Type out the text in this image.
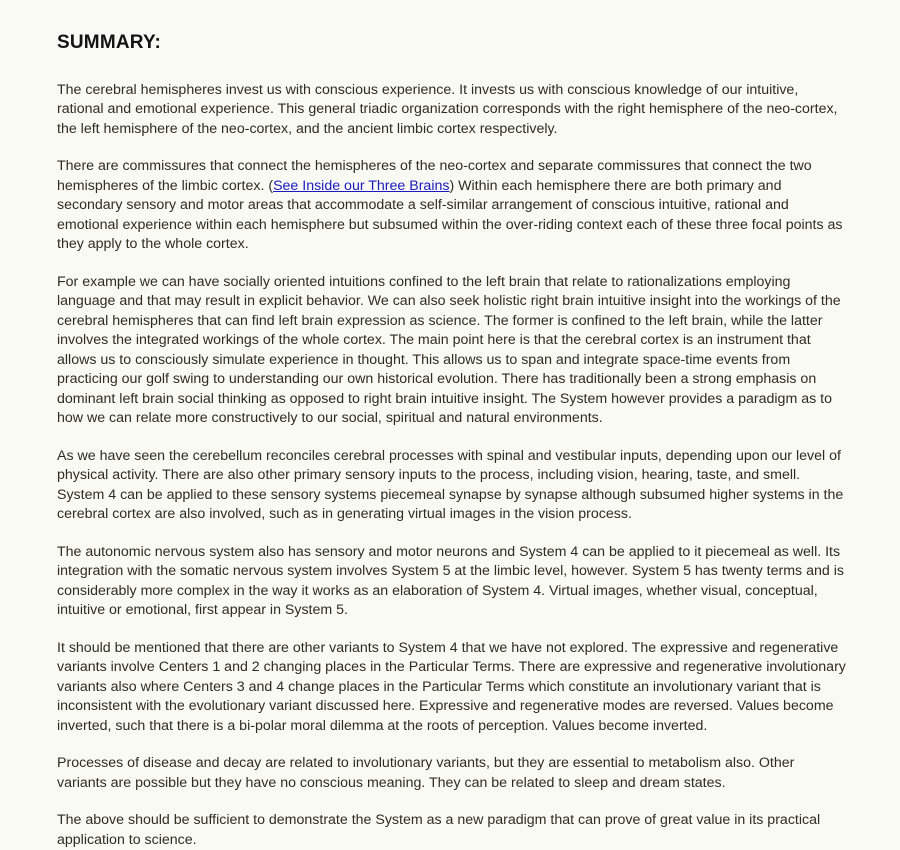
SUMMARY:

The cerebral hemispheres invest us with conscious experience. It invests us with conscious knowledge of our intuitive, rational and emotional experience. This general triadic organization corresponds with the right hemisphere of the neo-cortex, the left hemisphere of the neo-cortex, and the ancient limbic cortex respectively.

There are commissures that connect the hemispheres of the neo-cortex and separate commissures that connect the two hemispheres of the limbic cortex. (See Inside our Three Brains) Within each hemisphere there are both primary and secondary sensory and motor areas that accommodate a self-similar arrangement of conscious intuitive, rational and emotional experience within each hemisphere but subsumed within the over-riding context each of these three focal points as they apply to the whole cortex.

For example we can have socially oriented intuitions confined to the left brain that relate to rationalizations employing language and that may result in explicit behavior. We can also seek holistic right brain intuitive insight into the workings of the cerebral hemispheres that can find left brain expression as science. The former is confined to the left brain, while the latter involves the integrated workings of the whole cortex. The main point here is that the cerebral cortex is an instrument that allows us to consciously simulate experience in thought. This allows us to span and integrate space-time events from practicing our golf swing to understanding our own historical evolution. There has traditionally been a strong emphasis on dominant left brain social thinking as opposed to right brain intuitive insight. The System however provides a paradigm as to how we can relate more constructively to our social, spiritual and natural environments.

As we have seen the cerebellum reconciles cerebral processes with spinal and vestibular inputs, depending upon our level of physical activity. There are also other primary sensory inputs to the process, including vision, hearing, taste, and smell. System 4 can be applied to these sensory systems piecemeal synapse by synapse although subsumed higher systems in the cerebral cortex are also involved, such as in generating virtual images in the vision process.

The autonomic nervous system also has sensory and motor neurons and System 4 can be applied to it piecemeal as well. Its integration with the somatic nervous system involves System 5 at the limbic level, however. System 5 has twenty terms and is considerably more complex in the way it works as an elaboration of System 4. Virtual images, whether visual, conceptual, intuitive or emotional, first appear in System 5.

It should be mentioned that there are other variants to System 4 that we have not explored. The expressive and regenerative variants involve Centers 1 and 2 changing places in the Particular Terms. There are expressive and regenerative involutionary variants also where Centers 3 and 4 change places in the Particular Terms which constitute an involutionary variant that is inconsistent with the evolutionary variant discussed here. Expressive and regenerative modes are reversed. Values become inverted, such that there is a bi-polar moral dilemma at the roots of perception. Values become inverted.

Processes of disease and decay are related to involutionary variants, but they are essential to metabolism also. Other variants are possible but they have no conscious meaning. They can be related to sleep and dream states.

The above should be sufficient to demonstrate the System as a new paradigm that can prove of great value in its practical application to science.
